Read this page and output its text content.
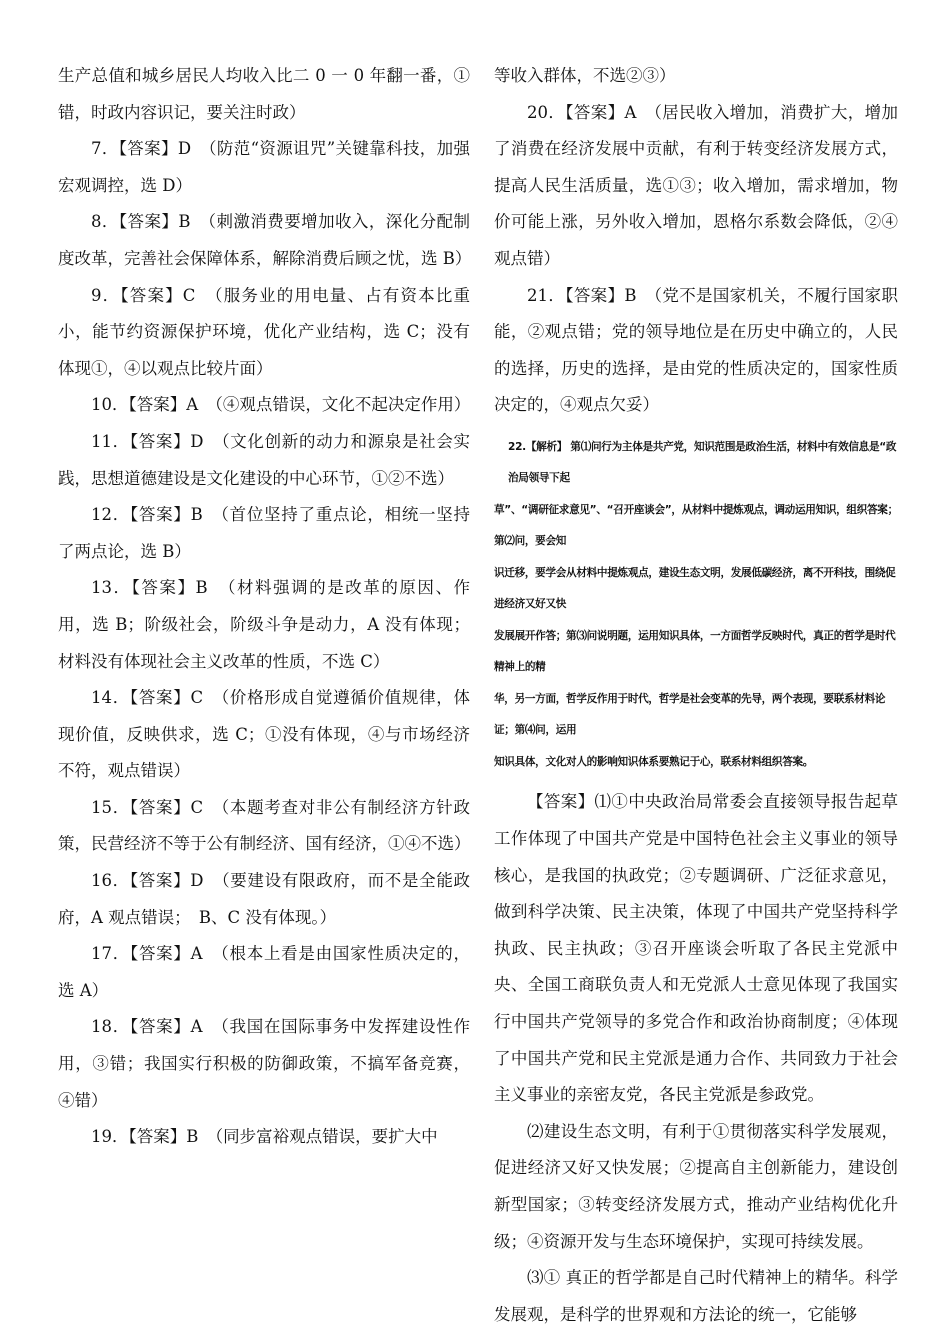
生产总值和城乡居民人均收入比二 0 一 0 年翻一番，①错，时政内容识记，要关注时政）

7．【答案】D　（防范“资源诅咒”关键靠科技，加强宏观调控，选 D）

8．【答案】B　（刺激消费要增加收入，深化分配制度改革，完善社会保障体系，解除消费后顾之忧，选 B）

9．【答案】C　（服务业的用电量、占有资本比重小，能节约资源保护环境，优化产业结构，选 C；没有体现①，④以观点比较片面）

10．【答案】A　（④观点错误，文化不起决定作用）

11．【答案】D　（文化创新的动力和源泉是社会实践，思想道德建设是文化建设的中心环节，①②不选）

12．【答案】B　（首位坚持了重点论，相统一坚持了两点论，选 B）

13．【答案】B　（材料强调的是改革的原因、作用，选 B；阶级社会，阶级斗争是动力，A 没有体现；材料没有体现社会主义改革的性质，不选 C）

14．【答案】C　（价格形成自觉遵循价值规律，体现价值，反映供求，选 C；①没有体现，④与市场经济不符，观点错误）

15．【答案】C　（本题考查对非公有制经济方针政策，民营经济不等于公有制经济、国有经济，①④不选）

16．【答案】D　（要建设有限政府，而不是全能政府，A 观点错误；　B、C 没有体现。）

17．【答案】A　（根本上看是由国家性质决定的，选 A）

18．【答案】A　（我国在国际事务中发挥建设性作用，③错；我国实行积极的防御政策，不搞军备竞赛，④错）

19．【答案】B　（同步富裕观点错误，要扩大中

等收入群体，不选②③）

20．【答案】A　（居民收入增加，消费扩大，增加了消费在经济发展中贡献，有利于转变经济发展方式，提高人民生活质量，选①③；收入增加，需求增加，物价可能上涨，另外收入增加，恩格尔系数会降低，②④观点错）

21．【答案】B　（党不是国家机关，不履行国家职能，②观点错；党的领导地位是在历史中确立的，人民的选择，历史的选择，是由党的性质决定的，国家性质决定的，④观点欠妥）

22.【解析】 第⑴问行为主体是共产党，知识范围是政治生活，材料中有效信息是“政治局领导下起
草”、“调研征求意见”、“召开座谈会”，从材料中提炼观点，调动运用知识，组织答案；第⑵问，要会知
识迁移，要学会从材料中提炼观点，建设生态文明，发展低碳经济，离不开科技，围绕促进经济又好又快
发展展开作答；第⑶问说明题，运用知识具体，一方面哲学反映时代，真正的哲学是时代精神上的精
华，另一方面，哲学反作用于时代，哲学是社会变革的先导，两个表现，要联系材料论证；第⑷问，运用
知识具体，文化对人的影响知识体系要熟记于心，联系材料组织答案。

【答案】⑴①中央政治局常委会直接领导报告起草工作体现了中国共产党是中国特色社会主义事业的领导核心，是我国的执政党；②专题调研、广泛征求意见，做到科学决策、民主决策，体现了中国共产党坚持科学执政、民主执政；③召开座谈会听取了各民主党派中央、全国工商联负责人和无党派人士意见体现了我国实行中国共产党领导的多党合作和政治协商制度；④体现了中国共产党和民主党派是通力合作、共同致力于社会主义事业的亲密友党，各民主党派是参政党。

⑵建设生态文明，有利于①贯彻落实科学发展观，促进经济又好又快发展；②提高自主创新能力，建设创新型国家；③转变经济发展方式，推动产业结构优化升级；④资源开发与生态环境保护，实现可持续发展。

⑶① 真正的哲学都是自己时代精神上的精华。科学发展观，是科学的世界观和方法论的统一，它能够
